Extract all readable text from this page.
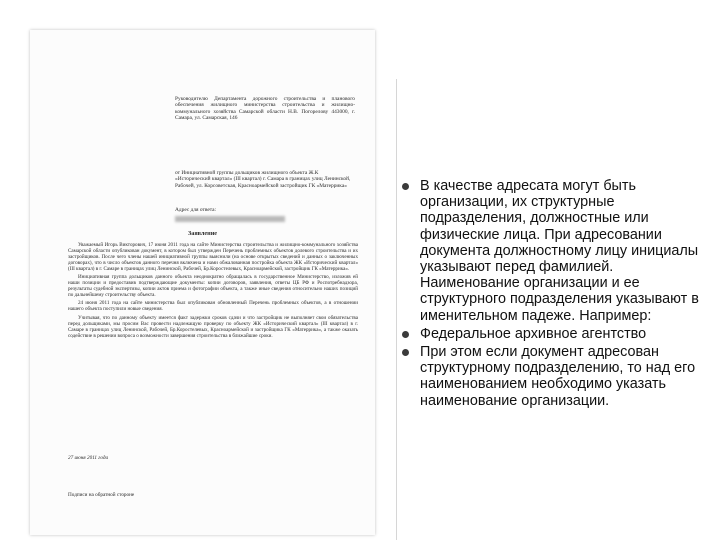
Руководителю Департамента дорожного строительства и планового обеспечения жилищного министерства строительства и жилищно-коммунального хозяйства Самарской области Н.В. Погорелову 443000, г. Самара, ул. Самарская, 146
от Инициативной группы дольщиков жилищного объекта Ж.К «Исторический квартал» (III квартал) г. Самара в границах улиц Ленинской, Рабочей, ул. Корсоветская, Красноармейской застройщик ГК «Матеррика»
Адрес для ответа:
Заявление

Уважаемый Игорь Викторович, 17 июня 2011 года на сайте Министерства строительства и жилищно-коммунального хозяйства Самарской области опубликован документ, в котором был утвержден Перечень проблемных объектов долевого строительства и их застройщиков. После чего члены нашей инициативной группы выяснили (на основе открытых сведений и данных о заключенных договорах), что в число объектов данного перечня включена и нами обжалованная постройка объекта ЖК «Исторический квартал» (III квартал) в г. Самаре в границах улиц Ленинской, Рабочей, Бр.Коростелевых, Красноармейской, застройщик ГК «Матеррика».

Инициативная группа дольщиков данного объекта неоднократно обращалась в государственное Министерство, изложив ей наши позиции и предоставив подтверждающие документы: копии договоров, заявления, ответы ЦБ РФ и Роспотребнадзора, результаты судебной экспертизы, копии актов приема и фотографии объекта, а также иные сведения относительно наших позиций по дальнейшему строительству объекта.

24 июня 2011 года на сайте министерства был опубликован обновленный Перечень проблемных объектов, а в отношении нашего объекта поступили новые сведения.

Учитывая, что по данному объекту имеется факт задержки сроков сдачи и что застройщик не выполняет свои обязательства перед дольщиками, мы просим Вас провести надлежащую проверку по объекту ЖК «Исторический квартал» (III квартал) в г. Самаре в границах улиц Ленинской, Рабочей, Бр.Коростелевых, Красноармейской и застройщика ГК «Матеррика», а также оказать содействие в решении вопроса о возможности завершения строительства в ближайшие сроки.

27 июня 2011 года
Подписи на обратной стороне
В качестве адресата могут быть организации, их структурные подразделения, должностные или физические лица. При адресовании документа должностному лицу инициалы указывают перед фамилией. Наименование организации и ее структурного подразделения указывают в именительном падеже. Например:
Федеральное архивное агентство
При этом если документ адресован структурному подразделению, то над его наименованием необходимо указать наименование организации.
